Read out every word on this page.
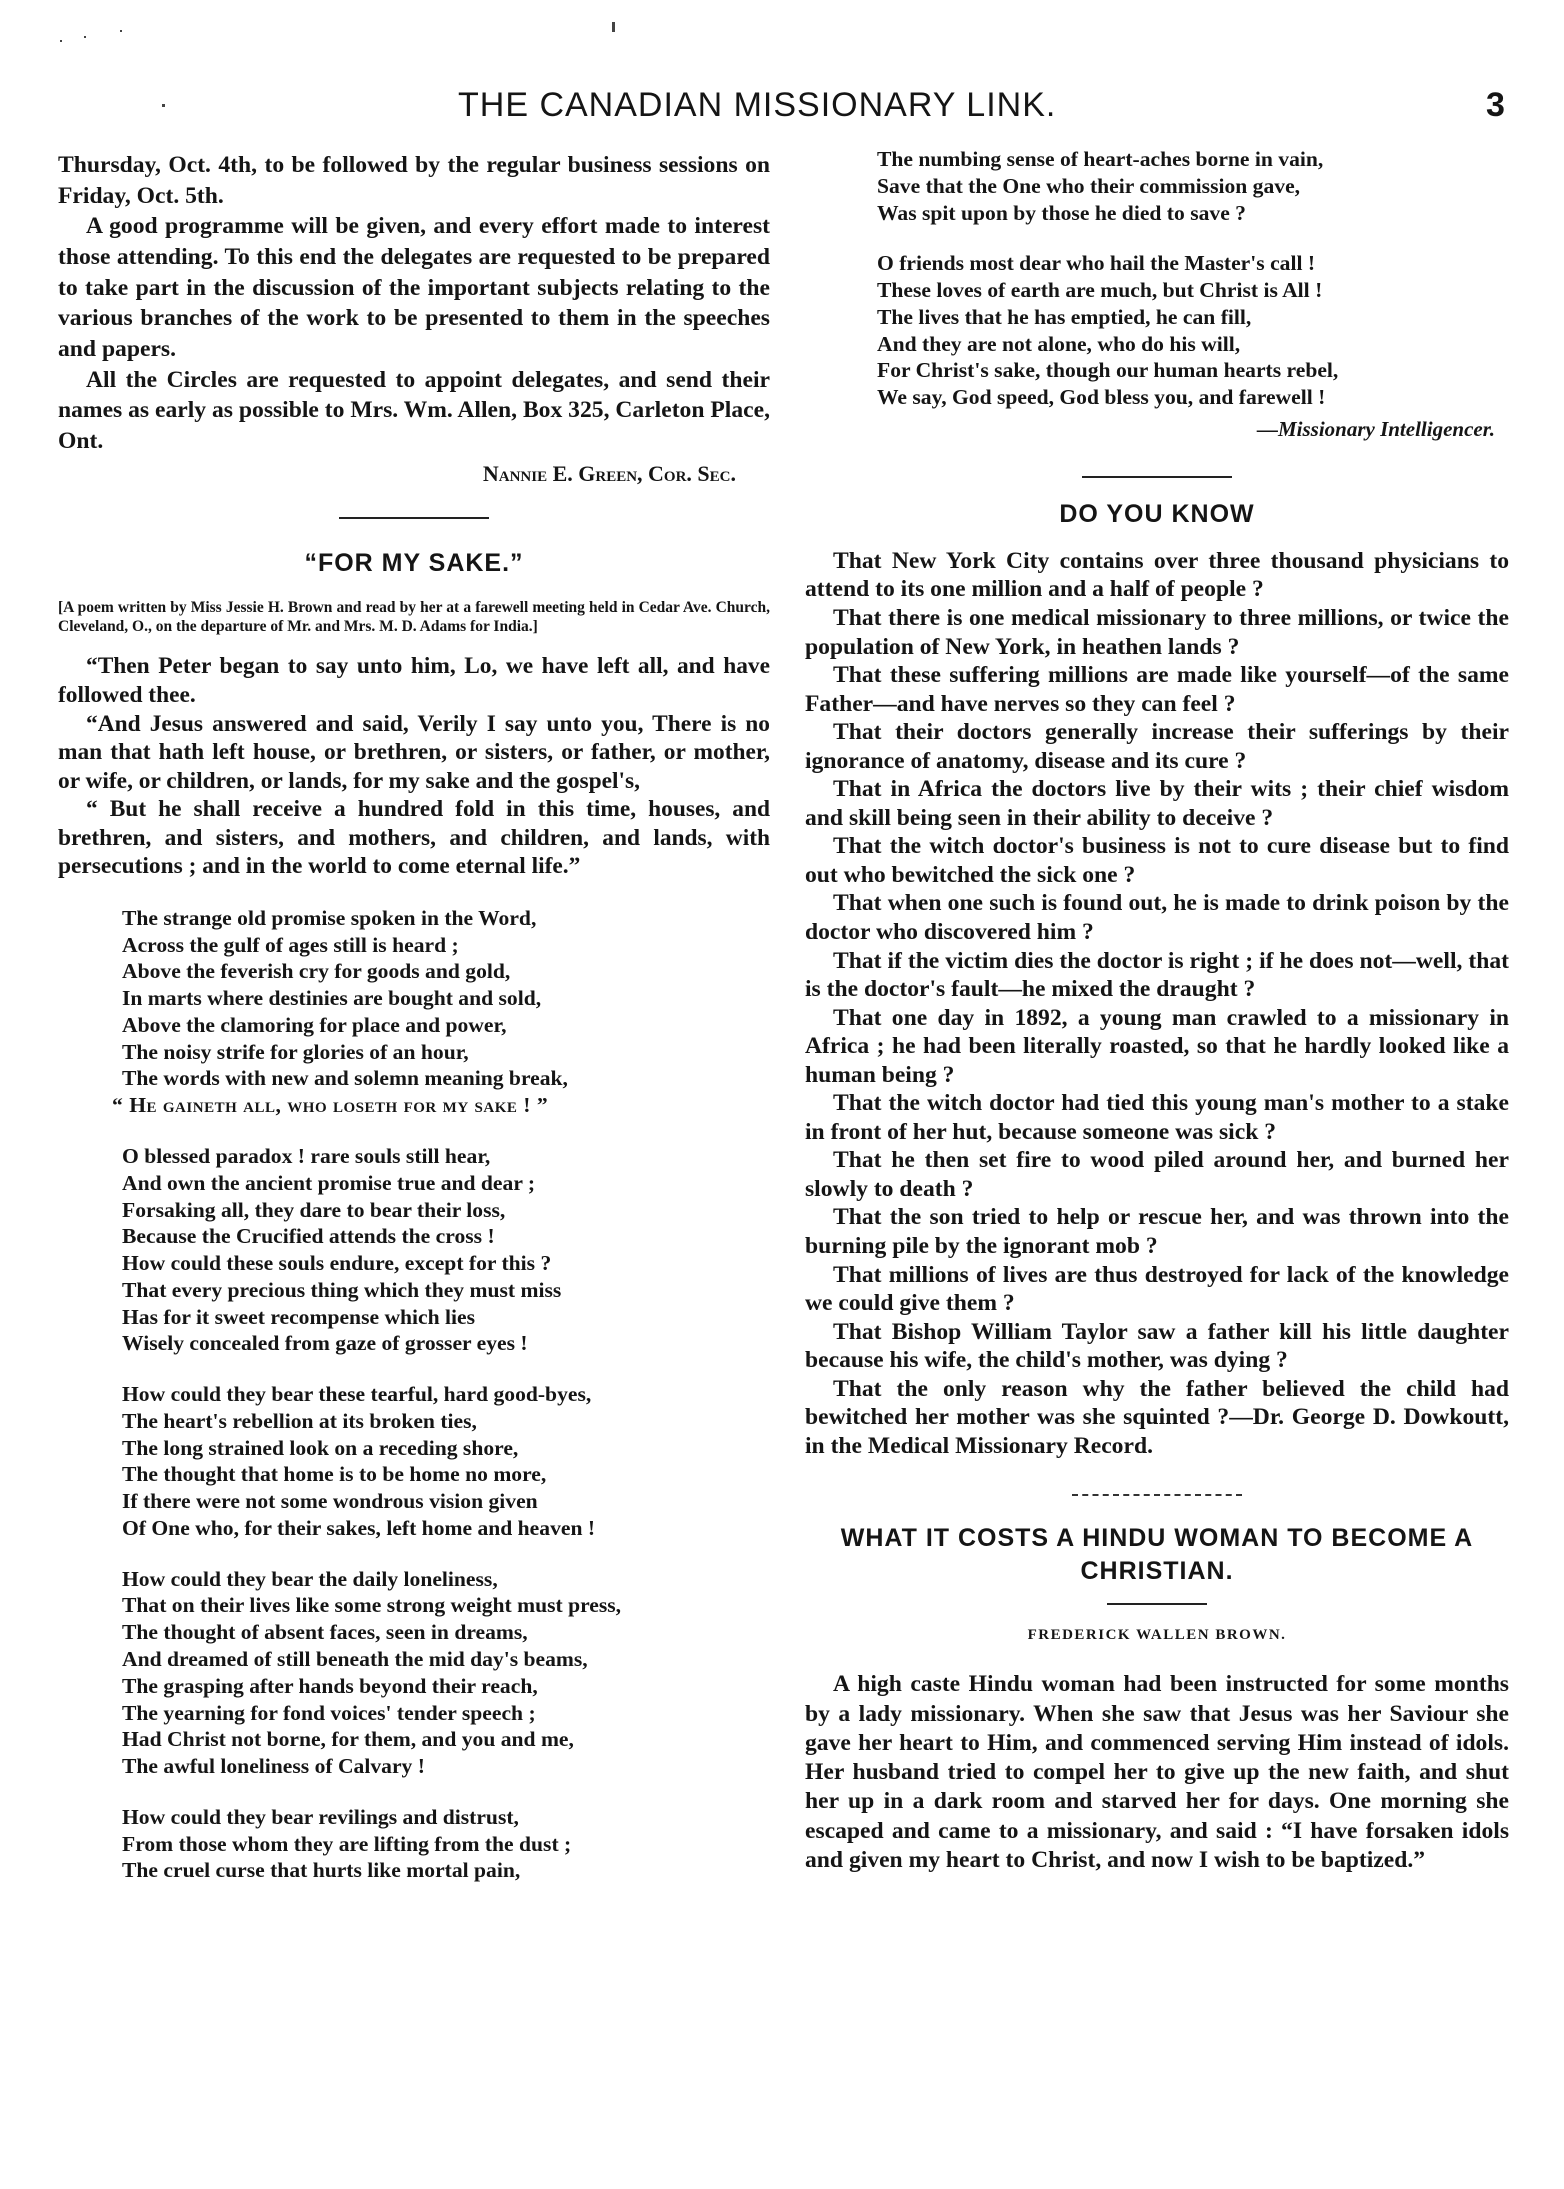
THE CANADIAN MISSIONARY LINK.	3

Thursday, Oct. 4th, to be followed by the regular business sessions on Friday, Oct. 5th.

A good programme will be given, and every effort made to interest those attending. To this end the delegates are requested to be prepared to take part in the discussion of the important subjects relating to the various branches of the work to be presented to them in the speeches and papers.

All the Circles are requested to appoint delegates, and send their names as early as possible to Mrs. Wm. Allen, Box 325, Carleton Place, Ont.

Nannie E. Green, Cor. Sec.

“FOR MY SAKE.”

[A poem written by Miss Jessie H. Brown and read by her at a farewell meeting held in Cedar Ave. Church, Cleveland, O., on the departure of Mr. and Mrs. M. D. Adams for India.]

“Then Peter began to say unto him, Lo, we have left all, and have followed thee.

“And Jesus answered and said, Verily I say unto you, There is no man that hath left house, or brethren, or sisters, or father, or mother, or wife, or children, or lands, for my sake and the gospel's,

“ But he shall receive a hundred fold in this time, houses, and brethren, and sisters, and mothers, and children, and lands, with persecutions ; and in the world to come eternal life.”

The strange old promise spoken in the Word,
Across the gulf of ages still is heard ;
Above the feverish cry for goods and gold,
In marts where destinies are bought and sold,
Above the clamoring for place and power,
The noisy strife for glories of an hour,
The words with new and solemn meaning break,
“ He gaineth all, who loseth for my sake ! ”
O blessed paradox ! rare souls still hear,
And own the ancient promise true and dear ;
Forsaking all, they dare to bear their loss,
Because the Crucified attends the cross !
How could these souls endure, except for this ?
That every precious thing which they must miss
Has for it sweet recompense which lies
Wisely concealed from gaze of grosser eyes !
How could they bear these tearful, hard good-byes,
The heart's rebellion at its broken ties,
The long strained look on a receding shore,
The thought that home is to be home no more,
If there were not some wondrous vision given
Of One who, for their sakes, left home and heaven !
How could they bear the daily loneliness,
That on their lives like some strong weight must press,
The thought of absent faces, seen in dreams,
And dreamed of still beneath the mid day's beams,
The grasping after hands beyond their reach,
The yearning for fond voices' tender speech ;
Had Christ not borne, for them, and you and me,
The awful loneliness of Calvary !
How could they bear revilings and distrust,
From those whom they are lifting from the dust ;
The cruel curse that hurts like mortal pain,
The numbing sense of heart-aches borne in vain,
Save that the One who their commission gave,
Was spit upon by those he died to save ?
O friends most dear who hail the Master's call !
These loves of earth are much, but Christ is All !
The lives that he has emptied, he can fill,
And they are not alone, who do his will,
For Christ's sake, though our human hearts rebel,
We say, God speed, God bless you, and farewell !

—Missionary Intelligencer.

DO YOU KNOW

That New York City contains over three thousand physicians to attend to its one million and a half of people ?

That there is one medical missionary to three millions, or twice the population of New York, in heathen lands ?

That these suffering millions are made like yourself—of the same Father—and have nerves so they can feel ?

That their doctors generally increase their sufferings by their ignorance of anatomy, disease and its cure ?

That in Africa the doctors live by their wits ; their chief wisdom and skill being seen in their ability to deceive ?

That the witch doctor's business is not to cure disease but to find out who bewitched the sick one ?

That when one such is found out, he is made to drink poison by the doctor who discovered him ?

That if the victim dies the doctor is right ; if he does not—well, that is the doctor's fault—he mixed the draught ?

That one day in 1892, a young man crawled to a missionary in Africa ; he had been literally roasted, so that he hardly looked like a human being ?

That the witch doctor had tied this young man's mother to a stake in front of her hut, because someone was sick ?

That he then set fire to wood piled around her, and burned her slowly to death ?

That the son tried to help or rescue her, and was thrown into the burning pile by the ignorant mob ?

That millions of lives are thus destroyed for lack of the knowledge we could give them ?

That Bishop William Taylor saw a father kill his little daughter because his wife, the child's mother, was dying ?

That the only reason why the father believed the child had bewitched her mother was she squinted ?—Dr. George D. Dowkoutt, in the Medical Missionary Record.

WHAT IT COSTS A HINDU WOMAN TO BECOME A CHRISTIAN.

FREDERICK WALLEN BROWN.

A high caste Hindu woman had been instructed for some months by a lady missionary. When she saw that Jesus was her Saviour she gave her heart to Him, and commenced serving Him instead of idols. Her husband tried to compel her to give up the new faith, and shut her up in a dark room and starved her for days. One morning she escaped and came to a missionary, and said : “I have forsaken idols and given my heart to Christ, and now I wish to be baptized.”
